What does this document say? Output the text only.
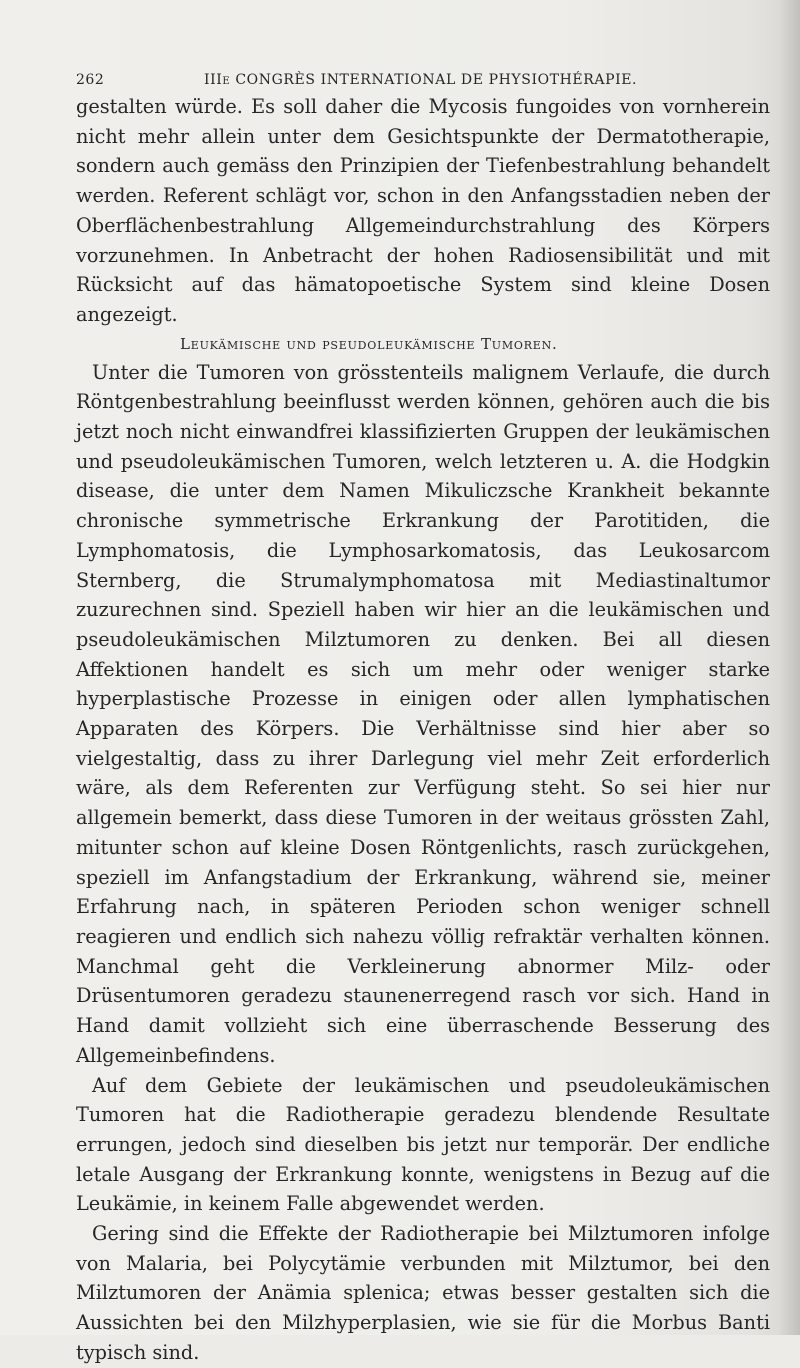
262	IIIe CONGRÈS INTERNATIONAL DE PHYSIOTHÉRAPIE.

gestalten würde. Es soll daher die Mycosis fungoides von vornherein nicht mehr allein unter dem Gesichtspunkte der Dermatotherapie, sondern auch gemäss den Prinzipien der Tiefenbestrahlung behandelt werden. Referent schlägt vor, schon in den Anfangsstadien neben der Oberflächenbestrahlung Allgemeindurchstrahlung des Körpers vorzunehmen. In Anbetracht der hohen Radiosensibilität und mit Rücksicht auf das hämatopoetische System sind kleine Dosen angezeigt.

Leukämische und pseudoleukämische Tumoren.

Unter die Tumoren von grösstenteils malignem Verlaufe, die durch Röntgenbestrahlung beeinflusst werden können, gehören auch die bis jetzt noch nicht einwandfrei klassifizierten Gruppen der leukämischen und pseudoleukämischen Tumoren, welch letzteren u. A. die Hodgkin disease, die unter dem Namen Mikuliczsche Krankheit bekannte chronische symmetrische Erkrankung der Parotitiden, die Lymphomatosis, die Lymphosarkomatosis, das Leukosarcom Sternberg, die Strumalymphomatosa mit Mediastinaltumor zuzurechnen sind. Speziell haben wir hier an die leukämischen und pseudoleukämischen Milztumoren zu denken. Bei all diesen Affektionen handelt es sich um mehr oder weniger starke hyperplastische Prozesse in einigen oder allen lymphatischen Apparaten des Körpers. Die Verhältnisse sind hier aber so vielgestaltig, dass zu ihrer Darlegung viel mehr Zeit erforderlich wäre, als dem Referenten zur Verfügung steht. So sei hier nur allgemein bemerkt, dass diese Tumoren in der weitaus grössten Zahl, mitunter schon auf kleine Dosen Röntgenlichts, rasch zurückgehen, speziell im Anfangstadium der Erkrankung, während sie, meiner Erfahrung nach, in späteren Perioden schon weniger schnell reagieren und endlich sich nahezu völlig refraktär verhalten können. Manchmal geht die Verkleinerung abnormer Milz- oder Drüsentumoren geradezu staunenerregend rasch vor sich. Hand in Hand damit vollzieht sich eine überraschende Besserung des Allgemeinbefindens.

Auf dem Gebiete der leukämischen und pseudoleukämischen Tumoren hat die Radiotherapie geradezu blendende Resultate errungen, jedoch sind dieselben bis jetzt nur temporär. Der endliche letale Ausgang der Erkrankung konnte, wenigstens in Bezug auf die Leukämie, in keinem Falle abgewendet werden.

Gering sind die Effekte der Radiotherapie bei Milztumoren infolge von Malaria, bei Polycytämie verbunden mit Milztumor, bei den Milztumoren der Anämia splenica; etwas besser gestalten sich die Aussichten bei den Milzhyperplasien, wie sie für die Morbus Banti typisch sind.
